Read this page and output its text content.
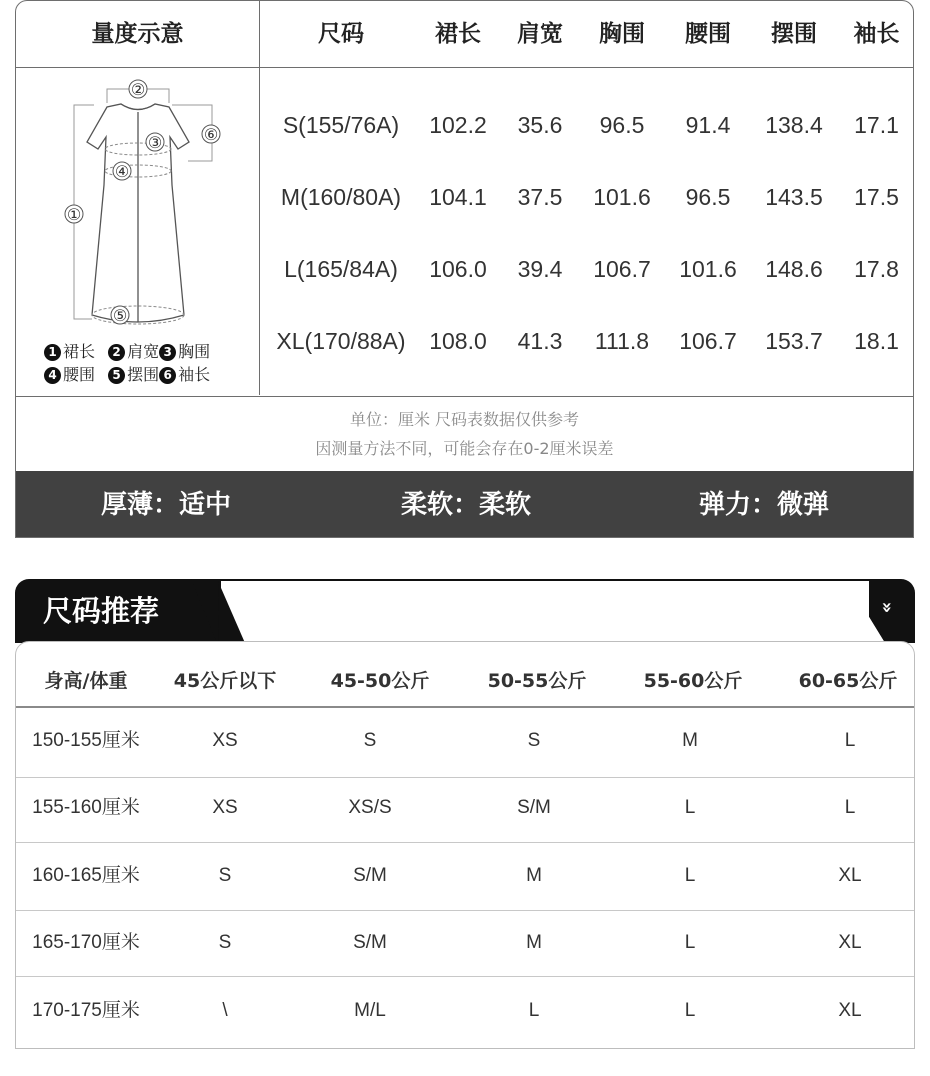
量度示意	尺码	裙长	肩宽	胸围	腰围	摆围	袖长
②
③
④
①
⑥
⑤
1 裙长 2 肩宽 3 胸围
4 腰围 5 摆围 6 袖长
S(155/76A)	102.2	35.6	96.5	91.4	138.4	17.1
M(160/80A)	104.1	37.5	101.6	96.5	143.5	17.5
L(165/84A)	106.0	39.4	106.7	101.6	148.6	17.8
XL(170/88A)	108.0	41.3	111.8	106.7	153.7	18.1
单位：厘米 尺码表数据仅供参考
因测量方法不同，可能会存在0-2厘米误差
厚薄：适中	柔软：柔软	弹力：微弹
尺码推荐	»
身高/体重	45公斤以下	45-50公斤	50-55公斤	55-60公斤	60-65公斤
150-155厘米	XS	S	S	M	L
155-160厘米	XS	XS/S	S/M	L	L
160-165厘米	S	S/M	M	L	XL
165-170厘米	S	S/M	M	L	XL
170-175厘米	\	M/L	L	L	XL
